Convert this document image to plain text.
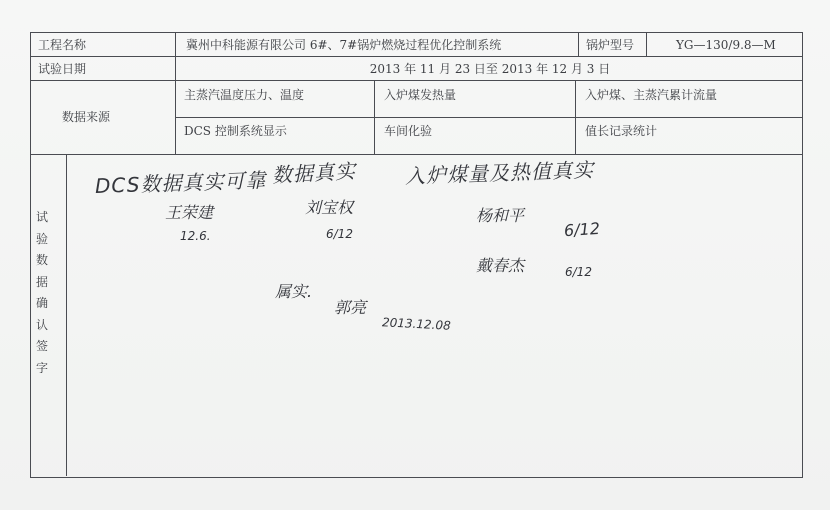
工程名称	冀州中科能源有限公司 6#、7#锅炉燃烧过程优化控制系统	锅炉型号	YG—130/9.8—M
试验日期	2013 年 11 月 23 日至 2013 年 12 月 3 日
数据来源
主蒸汽温度压力、温度	入炉煤发热量	入炉煤、主蒸汽累计流量
DCS 控制系统显示	车间化验	值长记录统计
试验数据确认签字
DCS数据真实可靠
王荣建
12.6.
数据真实
刘宝权
6/12
入炉煤量及热值真实
杨和平
6/12
戴春杰	6/12
属实.
郭亮
2013.12.08
